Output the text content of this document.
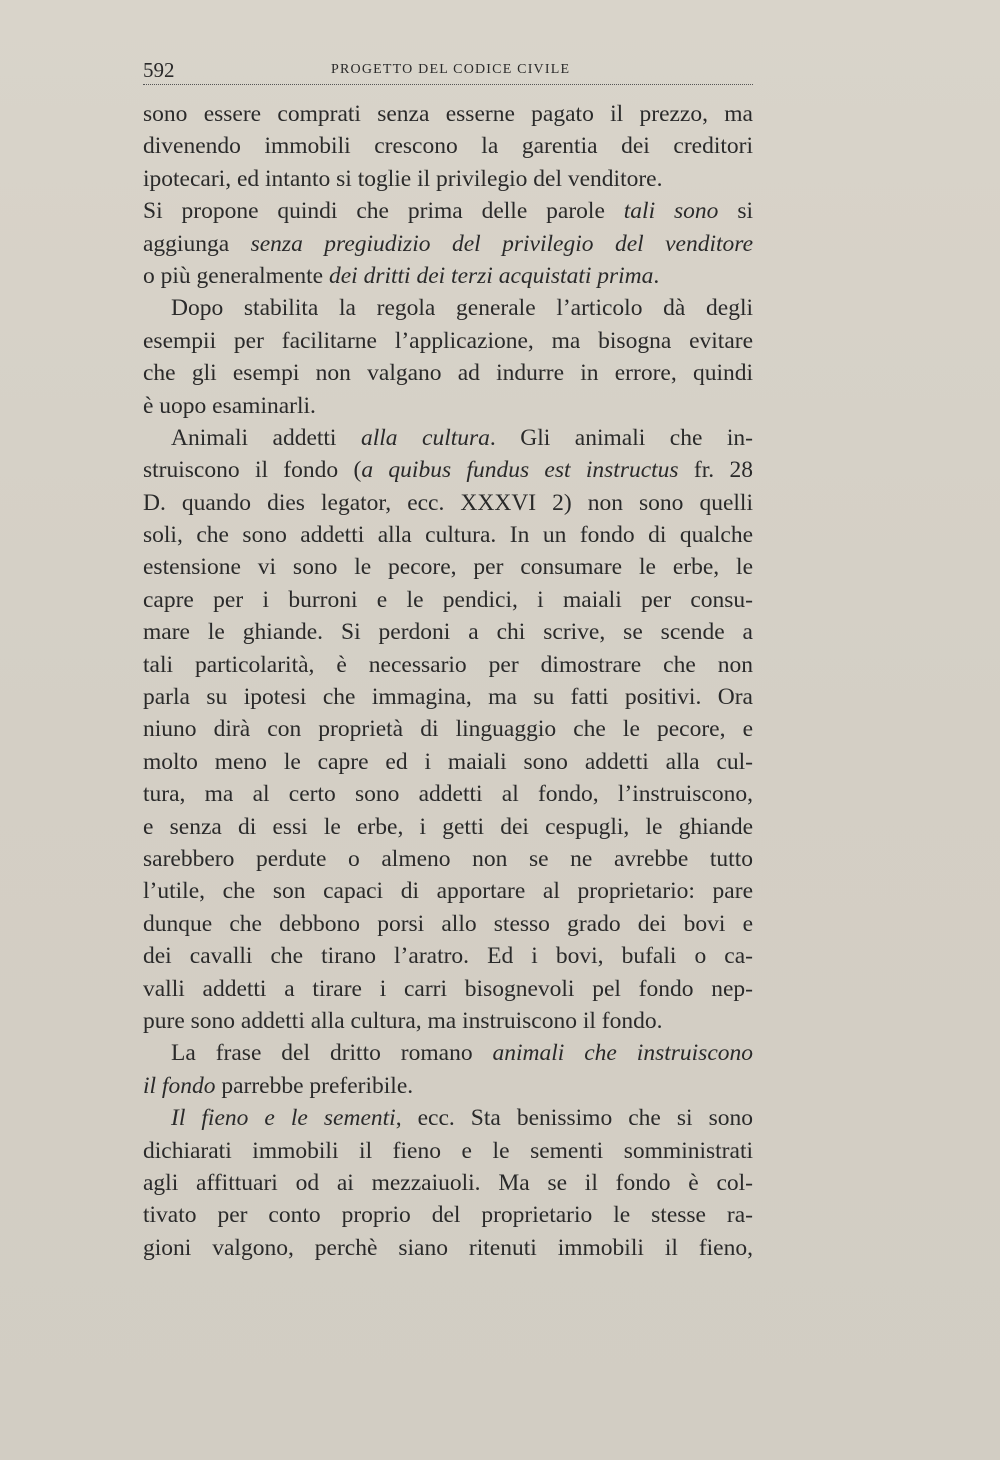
592	PROGETTO DEL CODICE CIVILE
sono essere comprati senza esserne pagato il prezzo, ma
divenendo immobili crescono la garentia dei creditori
ipotecari, ed intanto si toglie il privilegio del venditore.
Si propone quindi che prima delle parole tali sono si
aggiunga senza pregiudizio del privilegio del venditore
o più generalmente dei dritti dei terzi acquistati prima.
Dopo stabilita la regola generale l’articolo dà degli
esempii per facilitarne l’applicazione, ma bisogna evitare
che gli esempi non valgano ad indurre in errore, quindi
è uopo esaminarli.
Animali addetti alla cultura. Gli animali che in-
struiscono il fondo (a quibus fundus est instructus fr. 28
D. quando dies legator, ecc. XXXVI 2) non sono quelli
soli, che sono addetti alla cultura. In un fondo di qualche
estensione vi sono le pecore, per consumare le erbe, le
capre per i burroni e le pendici, i maiali per consu-
mare le ghiande. Si perdoni a chi scrive, se scende a
tali particolarità, è necessario per dimostrare che non
parla su ipotesi che immagina, ma su fatti positivi. Ora
niuno dirà con proprietà di linguaggio che le pecore, e
molto meno le capre ed i maiali sono addetti alla cul-
tura, ma al certo sono addetti al fondo, l’instruiscono,
e senza di essi le erbe, i getti dei cespugli, le ghiande
sarebbero perdute o almeno non se ne avrebbe tutto
l’utile, che son capaci di apportare al proprietario: pare
dunque che debbono porsi allo stesso grado dei bovi e
dei cavalli che tirano l’aratro. Ed i bovi, bufali o ca-
valli addetti a tirare i carri bisognevoli pel fondo nep-
pure sono addetti alla cultura, ma instruiscono il fondo.
La frase del dritto romano animali che instruiscono
il fondo parrebbe preferibile.
Il fieno e le sementi, ecc. Sta benissimo che si sono
dichiarati immobili il fieno e le sementi somministrati
agli affittuari od ai mezzaiuoli. Ma se il fondo è col-
tivato per conto proprio del proprietario le stesse ra-
gioni valgono, perchè siano ritenuti immobili il fieno,
